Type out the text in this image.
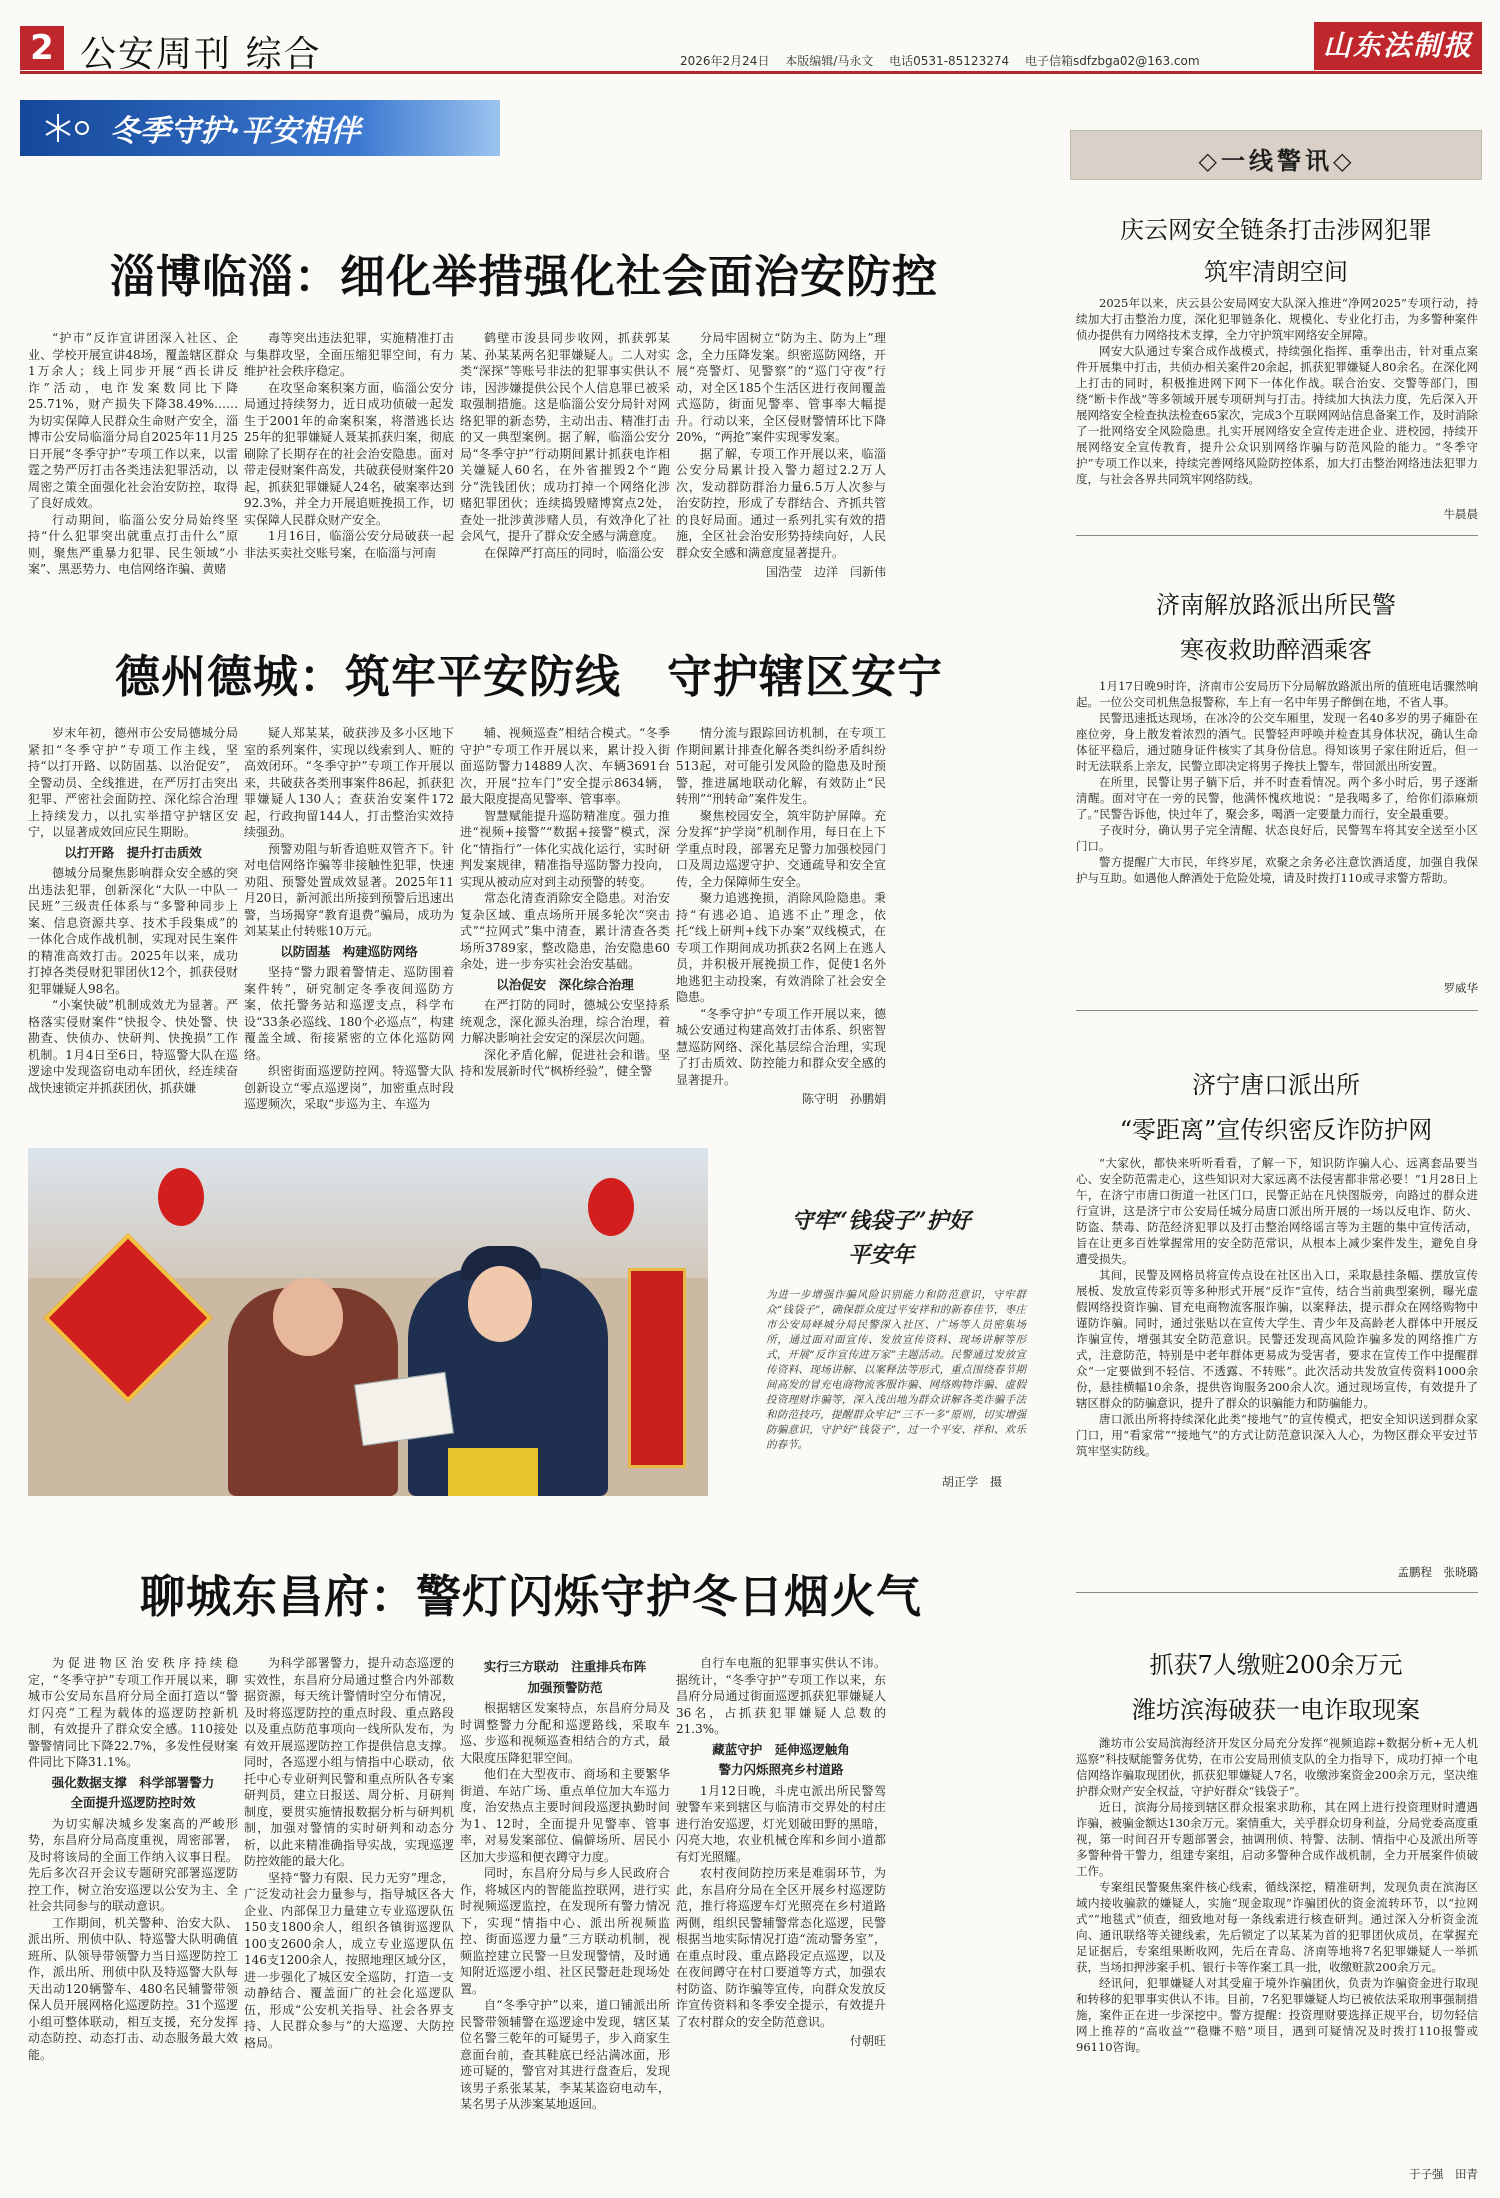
2 公安周刊 综合	2026年2月24日 本版编辑/马永文 电话0531-85123274 电子信箱sdfzbga02@163.com	山东法制报
冬季守护·平安相伴
淄博临淄：细化举措强化社会面治安防控

“护市”反诈宣讲团深入社区、企业、学校开展宣讲48场，覆盖辖区群众1万余人；线上同步开展“西长讲反诈”活动，电诈发案数同比下降25.71%，财产损失下降38.49%……为切实保障人民群众生命财产安全，淄博市公安局临淄分局自2025年11月25日开展“冬季守护”专项工作以来，以雷霆之势严厉打击各类违法犯罪活动，以周密之策全面强化社会治安防控，取得了良好成效。

行动期间，临淄公安分局始终坚持“什么犯罪突出就重点打击什么”原则，聚焦严重暴力犯罪、民生领域“小案”、黑恶势力、电信网络诈骗、黄赌

毒等突出违法犯罪，实施精准打击与集群攻坚，全面压缩犯罪空间，有力维护社会秩序稳定。

在攻坚命案积案方面，临淄公安分局通过持续努力，近日成功侦破一起发生于2001年的命案积案，将潜逃长达25年的犯罪嫌疑人聂某抓获归案，彻底刷除了长期存在的社会治安隐患。面对带走侵财案件高发，共破获侵财案件20起，抓获犯罪嫌疑人24名，破案率达到92.3%，并全力开展追赃挽损工作，切实保障人民群众财产安全。

1月16日，临淄公安分局破获一起非法买卖社交账号案，在临淄与河南

鹤壁市浚县同步收网，抓获郭某某、孙某某两名犯罪嫌疑人。二人对实类“深探”等账号非法的犯罪事实供认不讳，因涉嫌提供公民个人信息罪已被采取强制措施。这是临淄公安分局针对网络犯罪的新态势，主动出击、精准打击的又一典型案例。据了解，临淄公安分局“冬季守护”行动期间累计抓获电诈相关嫌疑人60名，在外省摧毁2个“跑分”洗钱团伙；成功打掉一个网络化涉赌犯罪团伙；连续捣毁赌博窝点2处，查处一批涉黄涉赌人员，有效净化了社会风气，提升了群众安全感与满意度。

在保障严打高压的同时，临淄公安

分局牢固树立“防为主、防为上”理念，全力压降发案。织密巡防网络，开展“亮警灯、见警察”的“巡门守夜”行动，对全区185个生活区进行夜间覆盖式巡防，街面见警率、管事率大幅提升。行动以来，全区侵财警情环比下降20%，“两抢”案件实现零发案。

据了解，专项工作开展以来，临淄公安分局累计投入警力超过2.2万人次，发动群防群治力量6.5万人次参与治安防控，形成了专群结合、齐抓共管的良好局面。通过一系列扎实有效的措施，全区社会治安形势持续向好，人民群众安全感和满意度显著提升。

国浩莹　边洋　闫新伟

德州德城：筑牢平安防线　守护辖区安宁

岁末年初，德州市公安局德城分局紧扣“冬季守护”专项工作主线，坚持“以打开路、以防固基、以治促安”，全警动员、全线推进，在严厉打击突出犯罪、严密社会面防控、深化综合治理上持续发力，以扎实举措守护辖区安宁，以显著成效回应民生期盼。

以打开路　提升打击质效

德城分局聚焦影响群众安全感的突出违法犯罪，创新深化“大队一中队一民班”三级责任体系与“多警种同步上案、信息资源共享、技术手段集成”的一体化合成作战机制，实现对民生案件的精准高效打击。2025年以来，成功打掉各类侵财犯罪团伙12个，抓获侵财犯罪嫌疑人98名。

“小案快破”机制成效尤为显著。严格落实侵财案件“快报令、快处警、快勘查、快侦办、快研判、快挽损”工作机制。1月4日至6日，特巡警大队在巡逻途中发现盗窃电动车团伙，经连续奋战快速锁定并抓获团伙，抓获嫌

疑人郑某某，破获涉及多小区地下室的系列案件，实现以线索到人、赃的高效闭环。“冬季守护”专项工作开展以来，共破获各类刑事案件86起，抓获犯罪嫌疑人130人；查获治安案件172起，行政拘留144人，打击整治实效持续强劲。

预警劝阻与斩香追赃双管齐下。针对电信网络诈骗等非接触性犯罪，快速劝阻、预警处置成效显著。2025年11月20日，新河派出所接到预警后迅速出警，当场揭穿“教育退费”骗局，成功为刘某某止付转账10万元。

以防固基　构建巡防网络

坚持“警力跟着警情走、巡防围着案件转”，研究制定冬季夜间巡防方案，依托警务站和巡逻支点，科学布设“33条必巡线、180个必巡点”，构建覆盖全域、衔接紧密的立体化巡防网络。

织密街面巡逻防控网。特巡警大队创新设立“零点巡逻岗”，加密重点时段巡逻频次，采取“步巡为主、车巡为

辅、视频巡查”相结合模式。“冬季守护”专项工作开展以来，累计投入街面巡防警力14889人次、车辆3691台次，开展“拉车门”安全提示8634辆，最大限度提高见警率、管事率。

智慧赋能提升巡防精准度。强力推进“视频+接警”“数据+接警”模式，深化“情指行”一体化实战化运行，实时研判发案规律，精准指导巡防警力投向，实现从被动应对到主动预警的转变。

常态化清查消除安全隐患。对治安复杂区域、重点场所开展多轮次“突击式”“拉网式”集中清查，累计清查各类场所3789家，整改隐患，治安隐患60余处，进一步夯实社会治安基础。

以治促安　深化综合治理

在严打防的同时，德城公安坚持系统观念，深化源头治理，综合治理，着力解决影响社会安定的深层次问题。

深化矛盾化解，促进社会和谐。坚持和发展新时代“枫桥经验”，健全警

情分流与跟踪回访机制，在专项工作期间累计排查化解各类纠纷矛盾纠纷513起，对可能引发风险的隐患及时预警，推进属地联动化解，有效防止“民转刑”“刑转命”案件发生。

聚焦校园安全，筑牢防护屏障。充分发挥“护学岗”机制作用，每日在上下学重点时段，部署充足警力加强校园门口及周边巡逻守护、交通疏导和安全宣传，全力保障师生安全。

聚力追逃挽损，消除风险隐患。秉持“有逃必追、追逃不止”理念，依托“线上研判+线下办案”双线模式，在专项工作期间成功抓获2名网上在逃人员，并积极开展挽损工作，促使1名外地逃犯主动投案，有效消除了社会安全隐患。

“冬季守护”专项工作开展以来，德城公安通过构建高效打击体系、织密智慧巡防网络、深化基层综合治理，实现了打击质效、防控能力和群众安全感的显著提升。

陈守明　孙鹏娟

守牢“钱袋子”护好平安年
为进一步增强诈骗风险识别能力和防范意识，守牢群众“钱袋子”，确保群众度过平安祥和的新春佳节，枣庄市公安局峄城分局民警深入社区、广场等人员密集场所，通过面对面宣传、发放宣传资料、现场讲解等形式，开展“反诈宣传进万家”主题活动。民警通过发放宣传资料、现场讲解、以案释法等形式，重点围绕春节期间高发的冒充电商物流客服诈骗、网络购物诈骗、虚假投资理财诈骗等，深入浅出地为群众讲解各类诈骗手法和防范技巧，提醒群众牢记“三不一多”原则，切实增强防骗意识，守护好“钱袋子”，过一个平安、祥和、欢乐的春节。
胡正学　摄
聊城东昌府：警灯闪烁守护冬日烟火气

为促进物区治安秩序持续稳定，“冬季守护”专项工作开展以来，聊城市公安局东昌府分局全面打造以“警灯闪亮”工程为载体的巡逻防控新机制，有效提升了群众安全感。110接处警警情同比下降22.7%，多发性侵财案件同比下降31.1%。

强化数据支撑　科学部署警力

全面提升巡逻防控时效

为切实解决城乡发案高的严峻形势，东昌府分局高度重视，周密部署，及时将该局的全面工作纳入议事日程。先后多次召开会议专题研究部署巡逻防控工作，树立治安巡逻以公安为主、全社会共同参与的联动意识。

工作期间，机关警种、治安大队、派出所、刑侦中队、特巡警大队明确值班所、队领导带领警力当日巡逻防控工作，派出所、刑侦中队及特巡警大队每天出动120辆警车、480名民辅警带领保人员开展网格化巡逻防控。31个巡逻小组可整体联动，相互支援，充分发挥动态防控、动态打击、动态服务最大效能。

为科学部署警力，提升动态巡逻的实效性，东昌府分局通过整合内外部数据资源，每天统计警情时空分布情况，及时将巡逻防控的重点时段、重点路段以及重点防范事项向一线所队发布，为有效开展巡逻防控工作提供信息支撑。同时，各巡逻小组与情指中心联动，依托中心专业研判民警和重点所队各专案研判员，建立日报送、周分析、月研判制度，要贯实施情报数据分析与研判机制，加强对警情的实时研判和动态分析，以此来精准确指导实战，实现巡逻防控效能的最大化。

坚持“警力有限、民力无穷”理念，广泛发动社会力量参与，指导城区各大企业、内部保卫力量建立专业巡逻队伍150支1800余人，组织各镇街巡逻队100支2600余人，成立专业巡逻队伍146支1200余人，按照地理区域分区，进一步强化了城区安全巡防，打造一支动静结合、覆盖面广的社会化巡逻队伍，形成“公安机关指导、社会各界支持、人民群众参与”的大巡逻、大防控格局。

实行三方联动　注重排兵布阵

加强预警防范

根据辖区发案特点，东昌府分局及时调整警力分配和巡逻路线，采取车巡、步巡和视频巡查相结合的方式，最大限度压降犯罪空间。

他们在大型夜市、商场和主要繁华街道、车站广场、重点单位加大车巡力度，治安热点主要时间段巡逻执勤时间为1、12时，全面提升见警率、管事率，对易发案部位、偏僻场所、居民小区加大步巡和便衣蹲守力度。

同时，东昌府分局与乡人民政府合作，将城区内的智能监控联网，进行实时视频巡逻监控，在发现所有警力情况下，实现“情指中心、派出所视频监控、街面巡逻力量”三方联动机制，视频监控建立民警一旦发现警情，及时通知附近巡逻小组、社区民警赶赴现场处置。

自“冬季守护”以来，道口铺派出所民警带领辅警在巡逻途中发现，辖区某位名警三乾年的可疑男子，步入商家生意面台前，查其鞋底已经沾满冰面，形迹可疑的，警官对其进行盘查后，发现该男子系张某某，李某某盗窃电动车，某名男子从涉案某地返回。

自行车电瓶的犯罪事实供认不讳。据统计，“冬季守护”专项工作以来，东昌府分局通过街面巡逻抓获犯罪嫌疑人36名，占抓获犯罪嫌疑人总数的21.3%。

藏蓝守护　延伸巡逻触角

警力闪烁照亮乡村道路

1月12日晚，斗虎屯派出所民警驾驶警车来到辖区与临清市交界处的村庄进行治安巡逻，灯光划破田野的黑暗，闪亮大地，农业机械仓库和乡间小道都有灯光照耀。

农村夜间防控历来是难弱环节，为此，东昌府分局在全区开展乡村巡逻防范，推行将巡逻车灯光照亮在乡村道路两侧，组织民警辅警常态化巡逻，民警根据当地实际情况打造“流动警务室”，在重点时段、重点路段定点巡逻，以及在夜间蹲守在村口要道等方式，加强农村防盗、防诈骗等宣传，向群众发放反诈宣传资料和冬季安全提示，有效提升了农村群众的安全防范意识。

付朝旺

◇一线警讯◇
庆云网安全链条打击涉网犯罪
筑牢清朗空间

2025年以来，庆云县公安局网安大队深入推进“净网2025”专项行动，持续加大打击整治力度，深化犯罪链条化、规模化、专业化打击，为多警种案件侦办提供有力网络技术支撑，全力守护筑牢网络安全屏障。

网安大队通过专案合成作战模式，持续强化指挥、重拳出击，针对重点案件开展集中打击，共侦办相关案件20余起，抓获犯罪嫌疑人80余名。在深化网上打击的同时，积极推进网下网下一体化作战。联合治安、交警等部门，围绕“断卡作战”等多领域开展专项研判与打击。持续加大执法力度，先后深入开展网络安全检查执法检查65家次，完成3个互联网网站信息备案工作，及时消除了一批网络安全风险隐患。扎实开展网络安全宣传走进企业、进校园，持续开展网络安全宣传教育，提升公众识别网络诈骗与防范风险的能力。“冬季守护”专项工作以来，持续完善网络风险防控体系，加大打击整治网络违法犯罪力度，与社会各界共同筑牢网络防线。

牛晨晨
济南解放路派出所民警
寒夜救助醉酒乘客

1月17日晚9时许，济南市公安局历下分局解放路派出所的值班电话骤然响起。一位公交司机焦急报警称，车上有一名中年男子醉倒在地，不省人事。

民警迅速抵达现场，在冰冷的公交车厢里，发现一名40多岁的男子瘫卧在座位旁，身上散发着浓烈的酒气。民警轻声呼唤并检查其身体状况，确认生命体征平稳后，通过随身证件核实了其身份信息。得知该男子家住附近后，但一时无法联系上亲友，民警立即决定将男子搀扶上警车，带回派出所安置。

在所里，民警让男子躺下后，并不时查看情况。两个多小时后，男子逐渐清醒。面对守在一旁的民警，他满怀愧疚地说：“是我喝多了，给你们添麻烦了。”民警告诉他，快过年了，聚会多，喝酒一定要量力而行，安全最重要。

子夜时分，确认男子完全清醒、状态良好后，民警驾车将其安全送至小区门口。

警方提醒广大市民，年终岁尾，欢聚之余务必注意饮酒适度，加强自我保护与互助。如遇他人醉酒处于危险处境，请及时拨打110或寻求警方帮助。

罗威华
济宁唐口派出所
“零距离”宣传织密反诈防护网

“大家伙，都快来听听看看，了解一下，知识防诈骗人心、远离套品要当心、安全防范需走心，这些知识对大家远离不法侵害都非常必要！”1月28日上午，在济宁市唐口街道一社区门口，民警正站在凡快图版旁，向路过的群众进行宣讲，这是济宁市公安局任城分局唐口派出所开展的一场以反电诈、防火、防盗、禁毒、防范经济犯罪以及打击整治网络谣言等为主题的集中宣传活动，旨在让更多百姓掌握常用的安全防范常识，从根本上减少案件发生，避免自身遭受损失。

其间，民警及网格员将宣传点设在社区出入口，采取悬挂条幅、摆放宣传展板、发放宣传彩页等多种形式开展“反诈”宣传，结合当前典型案例，曝光虚假网络投资诈骗、冒充电商物流客服诈骗，以案释法，提示群众在网络购物中谨防诈骗。同时，通过张贴以在宣传大学生、青少年及高龄老人群体中开展反诈骗宣传，增强其安全防范意识。民警还发现高风险诈骗多发的网络推广方式，注意防范，特别是中老年群体更易成为受害者，要求在宣传工作中提醒群众“一定要做到不轻信、不透露、不转账”。此次活动共发放宣传资料1000余份，悬挂横幅10余条，提供咨询服务200余人次。通过现场宣传，有效提升了辖区群众的防骗意识，提升了群众的识骗能力和防骗能力。

唐口派出所将持续深化此类“接地气”的宣传模式，把安全知识送到群众家门口，用“看家常”“接地气”的方式让防范意识深入人心，为物区群众平安过节筑牢坚实防线。

孟鹏程　张晓璐
抓获7人缴赃200余万元
潍坊滨海破获一电诈取现案

潍坊市公安局滨海经济开发区分局充分发挥“视频追踪+数据分析+无人机巡察”科技赋能警务优势，在市公安局刑侦支队的全力指导下，成功打掉一个电信网络诈骗取现团伙，抓获犯罪嫌疑人7名，收缴涉案资金200余万元，坚决维护群众财产安全权益，守护好群众“钱袋子”。

近日，滨海分局接到辖区群众报案求助称，其在网上进行投资理财时遭遇诈骗，被骗金额达130余万元。案情重大，关乎群众切身利益，分局党委高度重视，第一时间召开专题部署会，抽调刑侦、特警、法制、情指中心及派出所等多警种骨干警力，组建专案组，启动多警种合成作战机制，全力开展案件侦破工作。

专案组民警聚焦案件核心线索，循线深挖，精准研判，发现负责在滨海区域内接收骗款的嫌疑人，实施“现金取现”诈骗团伙的资金流转环节，以“拉网式”“地毯式”侦查，细致地对每一条线索进行核查研判。通过深入分析资金流向、通讯联络等关键线索，先后锁定了以某某为首的犯罪团伙成员，在掌握充足证据后，专案组果断收网，先后在青岛、济南等地将7名犯罪嫌疑人一举抓获，当场扣押涉案手机、银行卡等作案工具一批，收缴赃款200余万元。

经讯问，犯罪嫌疑人对其受雇于境外诈骗团伙，负责为诈骗资金进行取现和转移的犯罪事实供认不讳。目前，7名犯罪嫌疑人均已被依法采取刑事强制措施，案件正在进一步深挖中。警方提醒：投资理财要选择正规平台，切勿轻信网上推荐的“高收益”“稳赚不赔”项目，遇到可疑情况及时拨打110报警或96110咨询。

于子强　田青
